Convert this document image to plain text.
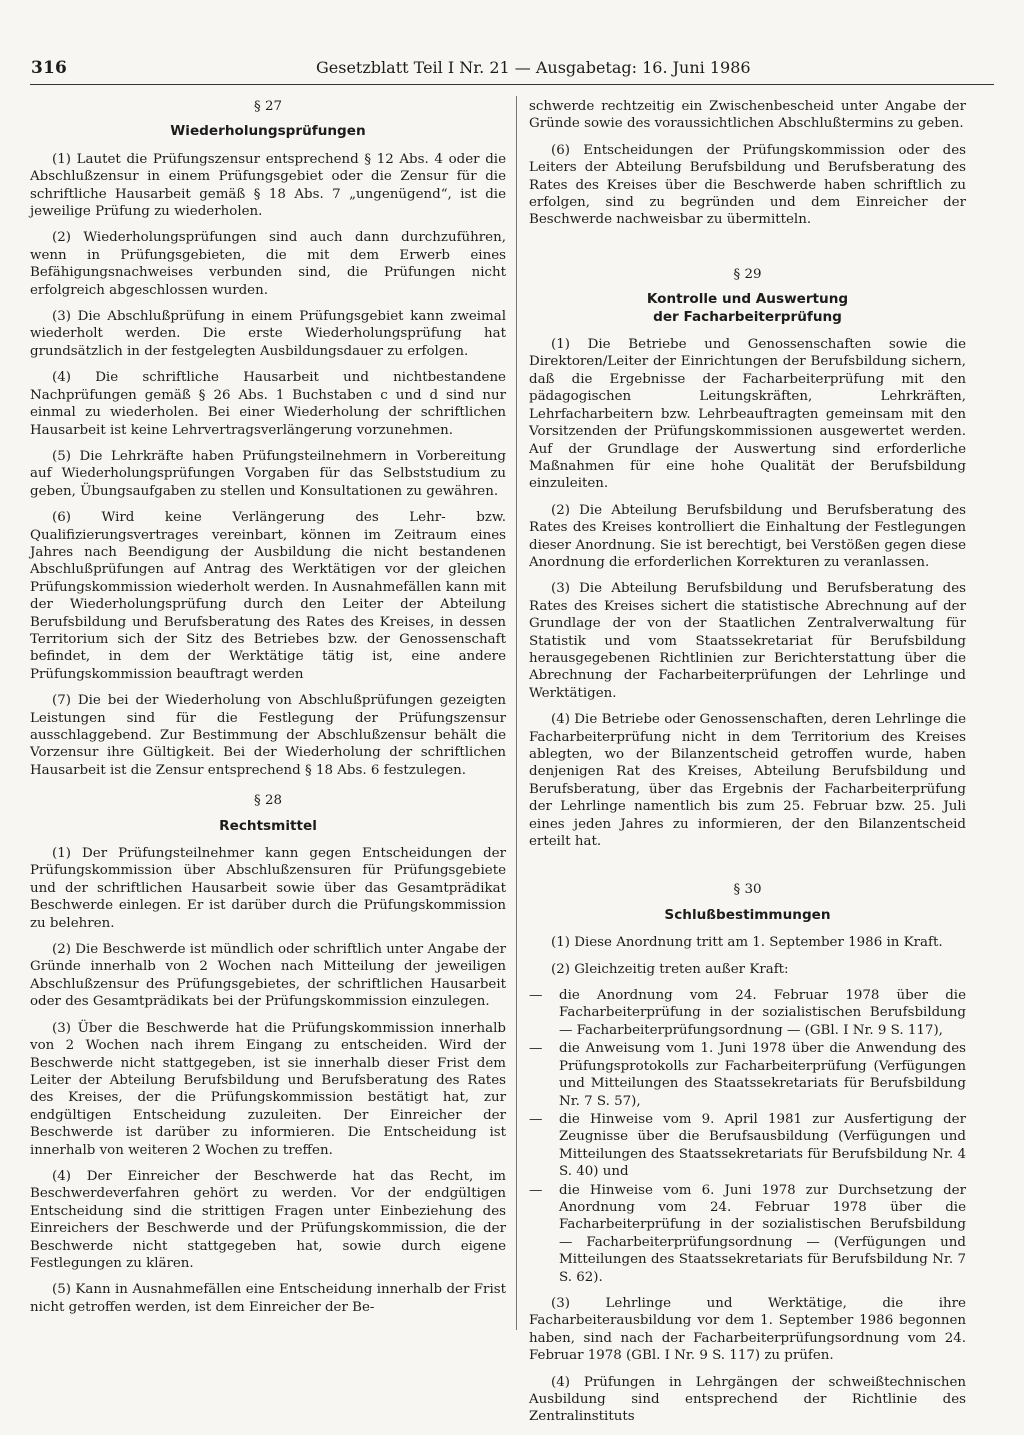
316	Gesetzblatt Teil I Nr. 21 — Ausgabetag: 16. Juni 1986
§ 27
Wiederholungsprüfungen

(1) Lautet die Prüfungszensur entsprechend § 12 Abs. 4 oder die Abschlußzensur in einem Prüfungsgebiet oder die Zensur für die schriftliche Hausarbeit gemäß § 18 Abs. 7 „ungenügend“, ist die jeweilige Prüfung zu wiederholen.

(2) Wiederholungsprüfungen sind auch dann durchzuführen, wenn in Prüfungsgebieten, die mit dem Erwerb eines Befähigungsnachweises verbunden sind, die Prüfungen nicht erfolgreich abgeschlossen wurden.

(3) Die Abschlußprüfung in einem Prüfungsgebiet kann zweimal wiederholt werden. Die erste Wiederholungsprüfung hat grundsätzlich in der festgelegten Ausbildungsdauer zu erfolgen.

(4) Die schriftliche Hausarbeit und nichtbestandene Nachprüfungen gemäß § 26 Abs. 1 Buchstaben c und d sind nur einmal zu wiederholen. Bei einer Wiederholung der schriftlichen Hausarbeit ist keine Lehrvertragsverlängerung vorzunehmen.

(5) Die Lehrkräfte haben Prüfungsteilnehmern in Vorbereitung auf Wiederholungsprüfungen Vorgaben für das Selbststudium zu geben, Übungsaufgaben zu stellen und Konsultationen zu gewähren.

(6) Wird keine Verlängerung des Lehr- bzw. Qualifizierungsvertrages vereinbart, können im Zeitraum eines Jahres nach Beendigung der Ausbildung die nicht bestandenen Abschlußprüfungen auf Antrag des Werktätigen vor der gleichen Prüfungskommission wiederholt werden. In Ausnahmefällen kann mit der Wiederholungsprüfung durch den Leiter der Abteilung Berufsbildung und Berufsberatung des Rates des Kreises, in dessen Territorium sich der Sitz des Betriebes bzw. der Genossenschaft befindet, in dem der Werktätige tätig ist, eine andere Prüfungskommission beauftragt werden

(7) Die bei der Wiederholung von Abschlußprüfungen gezeigten Leistungen sind für die Festlegung der Prüfungszensur ausschlaggebend. Zur Bestimmung der Abschlußzensur behält die Vorzensur ihre Gültigkeit. Bei der Wiederholung der schriftlichen Hausarbeit ist die Zensur entsprechend § 18 Abs. 6 festzulegen.

§ 28
Rechtsmittel

(1) Der Prüfungsteilnehmer kann gegen Entscheidungen der Prüfungskommission über Abschlußzensuren für Prüfungsgebiete und der schriftlichen Hausarbeit sowie über das Gesamtprädikat Beschwerde einlegen. Er ist darüber durch die Prüfungskommission zu belehren.

(2) Die Beschwerde ist mündlich oder schriftlich unter Angabe der Gründe innerhalb von 2 Wochen nach Mitteilung der jeweiligen Abschlußzensur des Prüfungsgebietes, der schriftlichen Hausarbeit oder des Gesamtprädikats bei der Prüfungskommission einzulegen.

(3) Über die Beschwerde hat die Prüfungskommission innerhalb von 2 Wochen nach ihrem Eingang zu entscheiden. Wird der Beschwerde nicht stattgegeben, ist sie innerhalb dieser Frist dem Leiter der Abteilung Berufsbildung und Berufsberatung des Rates des Kreises, der die Prüfungskommission bestätigt hat, zur endgültigen Entscheidung zuzuleiten. Der Einreicher der Beschwerde ist darüber zu informieren. Die Entscheidung ist innerhalb von weiteren 2 Wochen zu treffen.

(4) Der Einreicher der Beschwerde hat das Recht, im Beschwerdeverfahren gehört zu werden. Vor der endgültigen Entscheidung sind die strittigen Fragen unter Einbeziehung des Einreichers der Beschwerde und der Prüfungskommission, die der Beschwerde nicht stattgegeben hat, sowie durch eigene Festlegungen zu klären.

(5) Kann in Ausnahmefällen eine Entscheidung innerhalb der Frist nicht getroffen werden, ist dem Einreicher der Be-

schwerde rechtzeitig ein Zwischenbescheid unter Angabe der Gründe sowie des voraussichtlichen Abschlußtermins zu geben.

(6) Entscheidungen der Prüfungskommission oder des Leiters der Abteilung Berufsbildung und Berufsberatung des Rates des Kreises über die Beschwerde haben schriftlich zu erfolgen, sind zu begründen und dem Einreicher der Beschwerde nachweisbar zu übermitteln.

§ 29
Kontrolle und Auswertung
der Facharbeiterprüfung

(1) Die Betriebe und Genossenschaften sowie die Direktoren/Leiter der Einrichtungen der Berufsbildung sichern, daß die Ergebnisse der Facharbeiterprüfung mit den pädagogischen Leitungskräften, Lehrkräften, Lehrfacharbeitern bzw. Lehrbeauftragten gemeinsam mit den Vorsitzenden der Prüfungskommissionen ausgewertet werden. Auf der Grundlage der Auswertung sind erforderliche Maßnahmen für eine hohe Qualität der Berufsbildung einzuleiten.

(2) Die Abteilung Berufsbildung und Berufsberatung des Rates des Kreises kontrolliert die Einhaltung der Festlegungen dieser Anordnung. Sie ist berechtigt, bei Verstößen gegen diese Anordnung die erforderlichen Korrekturen zu veranlassen.

(3) Die Abteilung Berufsbildung und Berufsberatung des Rates des Kreises sichert die statistische Abrechnung auf der Grundlage der von der Staatlichen Zentralverwaltung für Statistik und vom Staatssekretariat für Berufsbildung herausgegebenen Richtlinien zur Berichterstattung über die Abrechnung der Facharbeiterprüfungen der Lehrlinge und Werktätigen.

(4) Die Betriebe oder Genossenschaften, deren Lehrlinge die Facharbeiterprüfung nicht in dem Territorium des Kreises ablegten, wo der Bilanzentscheid getroffen wurde, haben denjenigen Rat des Kreises, Abteilung Berufsbildung und Berufsberatung, über das Ergebnis der Facharbeiterprüfung der Lehrlinge namentlich bis zum 25. Februar bzw. 25. Juli eines jeden Jahres zu informieren, der den Bilanzentscheid erteilt hat.

§ 30
Schlußbestimmungen

(1) Diese Anordnung tritt am 1. September 1986 in Kraft.

(2) Gleichzeitig treten außer Kraft:

— die Anordnung vom 24. Februar 1978 über die Facharbeiterprüfung in der sozialistischen Berufsbildung — Facharbeiterprüfungsordnung — (GBl. I Nr. 9 S. 117),
— die Anweisung vom 1. Juni 1978 über die Anwendung des Prüfungsprotokolls zur Facharbeiterprüfung (Verfügungen und Mitteilungen des Staatssekretariats für Berufsbildung Nr. 7 S. 57),
— die Hinweise vom 9. April 1981 zur Ausfertigung der Zeugnisse über die Berufsausbildung (Verfügungen und Mitteilungen des Staatssekretariats für Berufsbildung Nr. 4 S. 40) und
— die Hinweise vom 6. Juni 1978 zur Durchsetzung der Anordnung vom 24. Februar 1978 über die Facharbeiterprüfung in der sozialistischen Berufsbildung — Facharbeiterprüfungsordnung — (Verfügungen und Mitteilungen des Staatssekretariats für Berufsbildung Nr. 7 S. 62).

(3) Lehrlinge und Werktätige, die ihre Facharbeiterausbildung vor dem 1. September 1986 begonnen haben, sind nach der Facharbeiterprüfungsordnung vom 24. Februar 1978 (GBl. I Nr. 9 S. 117) zu prüfen.

(4) Prüfungen in Lehrgängen der schweißtechnischen Ausbildung sind entsprechend der Richtlinie des Zentralinstituts
